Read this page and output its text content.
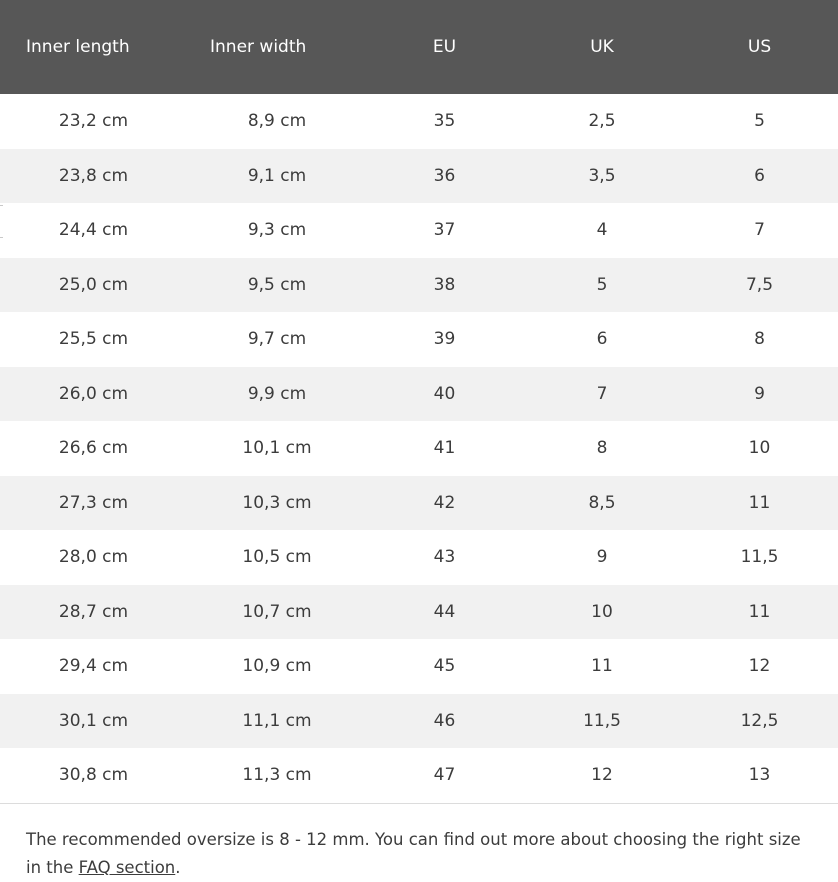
Inner length	Inner width	EU	UK	US
23,2 cm	8,9 cm	35	2,5	5
23,8 cm	9,1 cm	36	3,5	6
24,4 cm	9,3 cm	37	4	7
25,0 cm	9,5 cm	38	5	7,5
25,5 cm	9,7 cm	39	6	8
26,0 cm	9,9 cm	40	7	9
26,6 cm	10,1 cm	41	8	10
27,3 cm	10,3 cm	42	8,5	11
28,0 cm	10,5 cm	43	9	11,5
28,7 cm	10,7 cm	44	10	11
29,4 cm	10,9 cm	45	11	12
30,1 cm	11,1 cm	46	11,5	12,5
30,8 cm	11,3 cm	47	12	13
The recommended oversize is 8 - 12 mm. You can find out more about choosing the right size in the FAQ section.
